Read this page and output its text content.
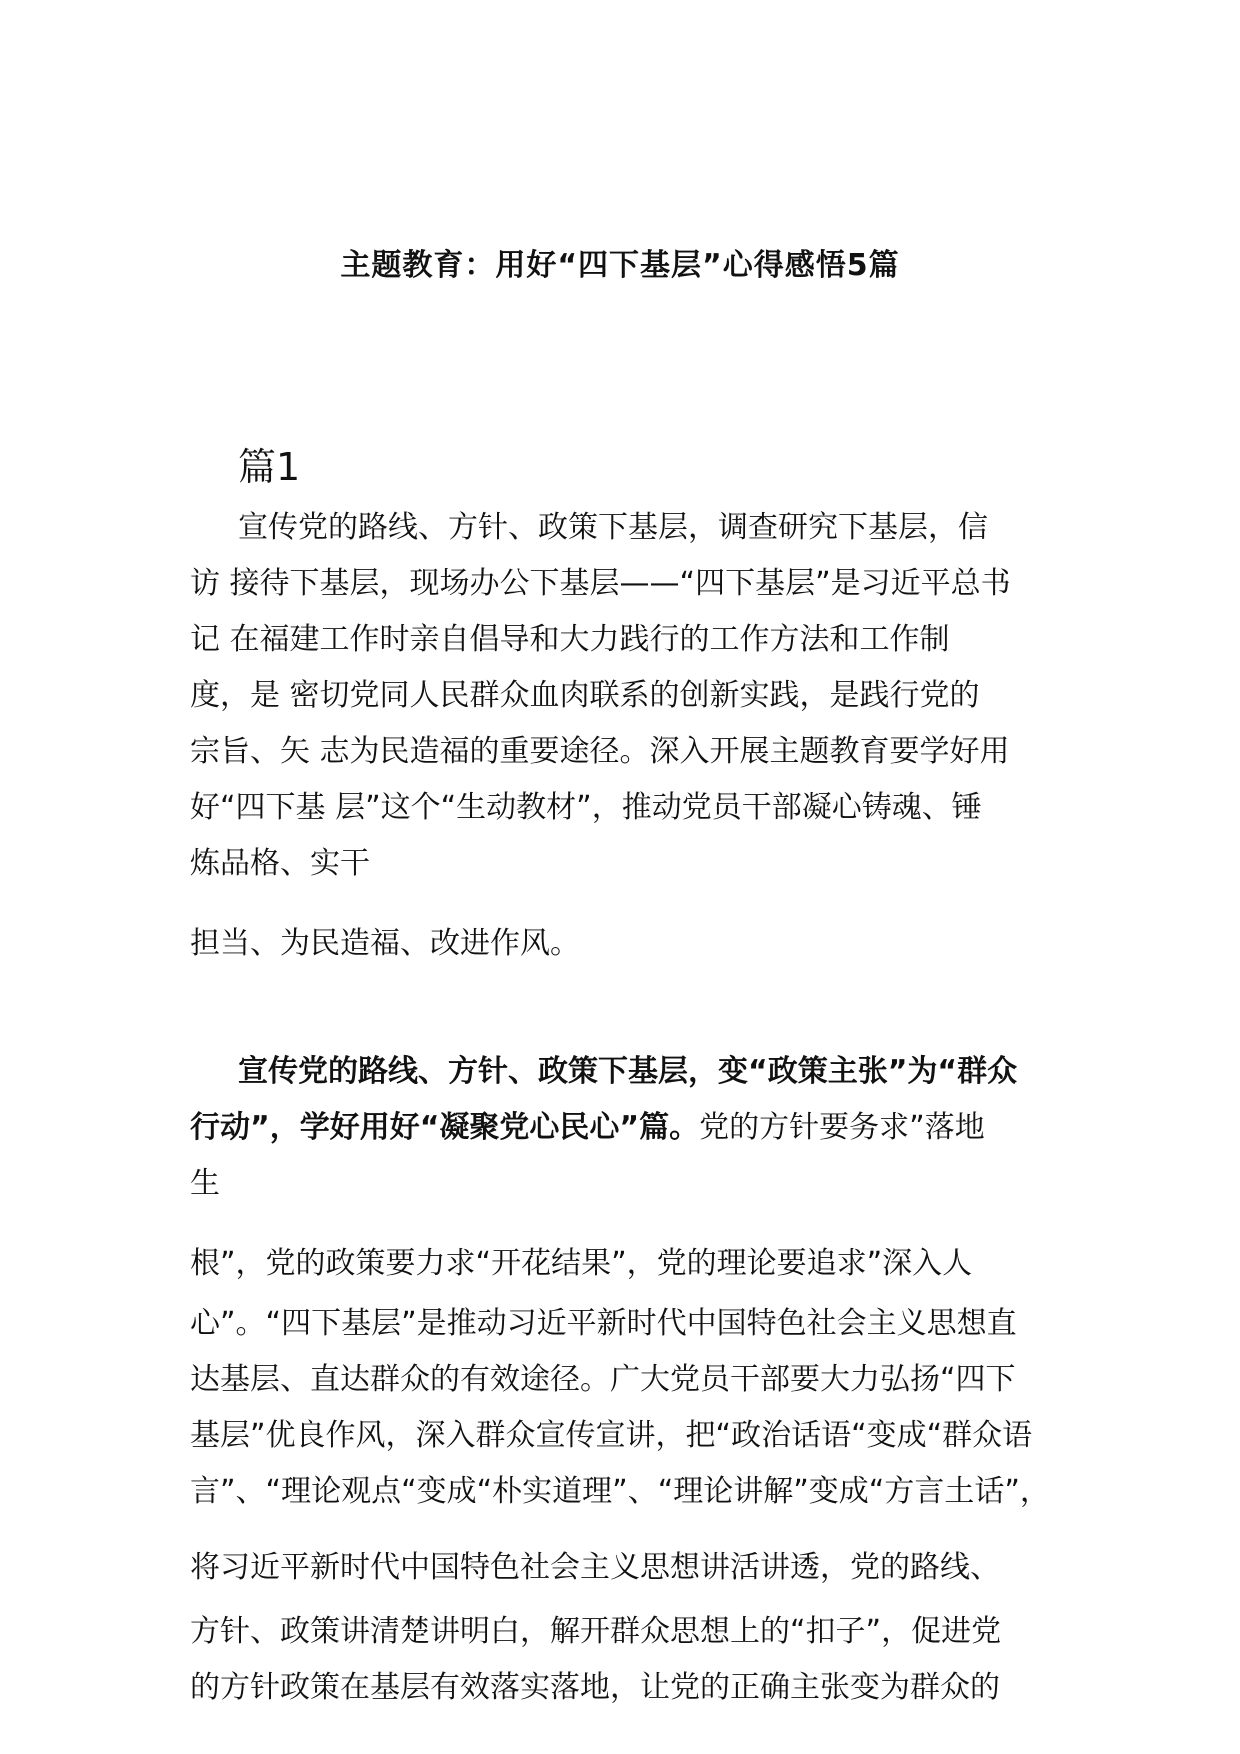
主题教育：用好“四下基层”心得感悟5篇
篇1
宣传党的路线、方针、政策下基层，调查研究下基层，信
访 接待下基层，现场办公下基层——“四下基层”是习近平总书
记 在福建工作时亲自倡导和大力践行的工作方法和工作制
度，是 密切党同人民群众血肉联系的创新实践，是践行党的
宗旨、矢 志为民造福的重要途径。深入开展主题教育要学好用
好“四下基 层”这个“生动教材”，推动党员干部凝心铸魂、锤
炼品格、实干
担当、为民造福、改进作风。
宣传党的路线、方针、政策下基层，变“政策主张”为“群众
行动”，学好用好“凝聚党心民心”篇。党的方针要务求”落地
生
根”，党的政策要力求“开花结果”，党的理论要追求”深入人
心”。“四下基层”是推动习近平新时代中国特色社会主义思想直
达基层、直达群众的有效途径。广大党员干部要大力弘扬“四下
基层”优良作风，深入群众宣传宣讲，把“政治话语“变成“群众语
言”、“理论观点“变成“朴实道理”、“理论讲解”变成“方言土话”，
将习近平新时代中国特色社会主义思想讲活讲透，党的路线、
方针、政策讲清楚讲明白，解开群众思想上的“扣子”，促进党
的方针政策在基层有效落实落地，让党的正确主张变为群众的
